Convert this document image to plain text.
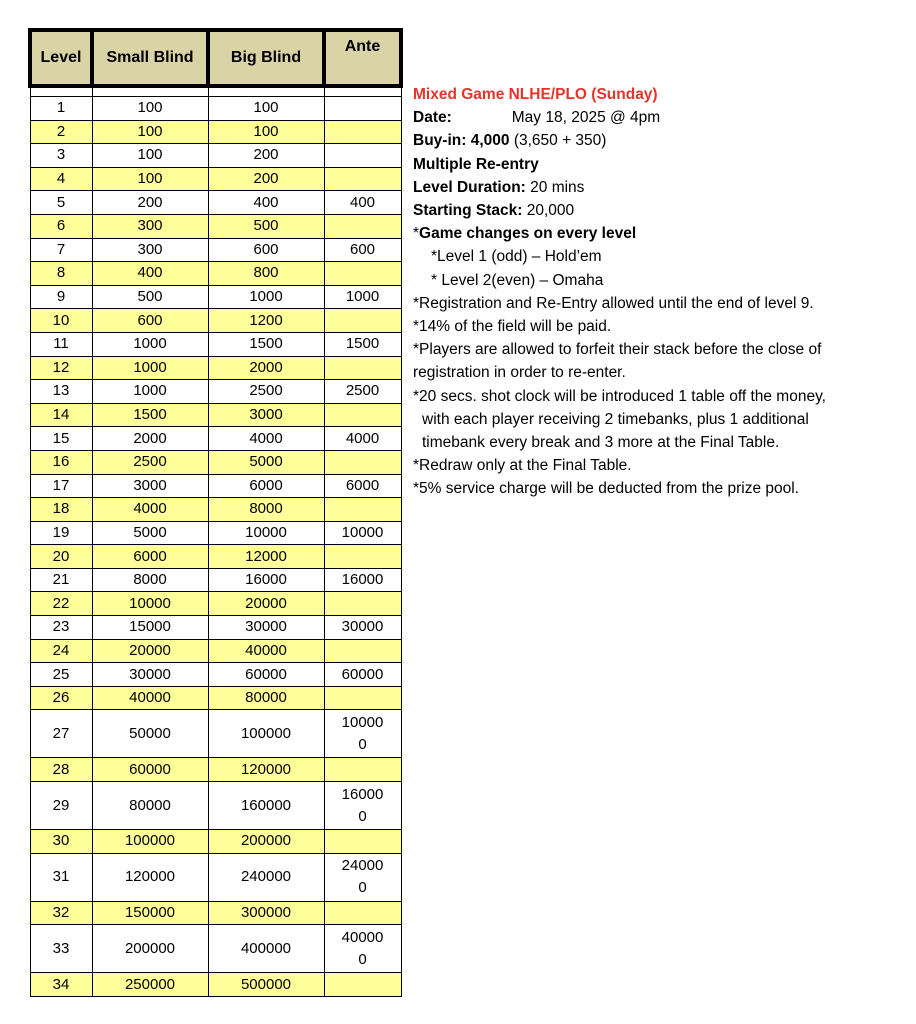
Level	Small Blind	Big Blind	Ante

1	100	100	
2	100	100	
3	100	200	
4	100	200	
5	200	400	400
6	300	500	
7	300	600	600
8	400	800	
9	500	1000	1000
10	600	1200	
11	1000	1500	1500
12	1000	2000	
13	1000	2500	2500
14	1500	3000	
15	2000	4000	4000
16	2500	5000	
17	3000	6000	6000
18	4000	8000	
19	5000	10000	10000
20	6000	12000	
21	8000	16000	16000
22	10000	20000	
23	15000	30000	30000
24	20000	40000	
25	30000	60000	60000
26	40000	80000	
27	50000	100000	100000
28	60000	120000	
29	80000	160000	160000
30	100000	200000	
31	120000	240000	240000
32	150000	300000	
33	200000	400000	400000
34	250000	500000	
Mixed Game NLHE/PLO (Sunday)
Date:	May 18, 2025 @ 4pm
Buy-in: 4,000 (3,650 + 350)
Multiple Re-entry
Level Duration: 20 mins
Starting Stack: 20,000
*Game changes on every level
*Level 1 (odd) – Hold’em
* Level 2(even) – Omaha
*Registration and Re-Entry allowed until the end of level 9.
*14% of the field will be paid.
*Players are allowed to forfeit their stack before the close of
registration in order to re-enter.
*20 secs. shot clock will be introduced 1 table off the money,
with each player receiving 2 timebanks, plus 1 additional
timebank every break and 3 more at the Final Table.
*Redraw only at the Final Table.
*5% service charge will be deducted from the prize pool.
